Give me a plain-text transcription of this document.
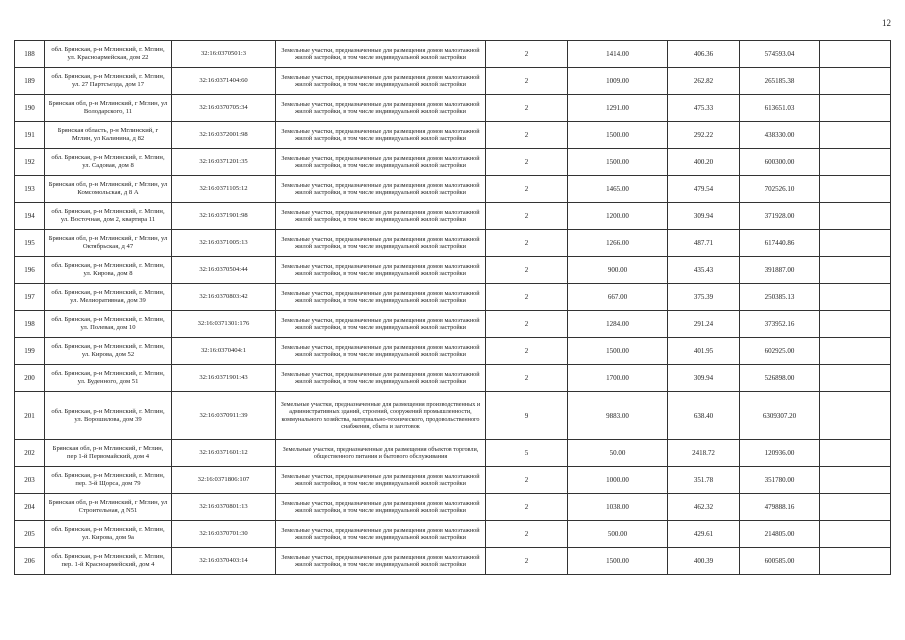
12
188	обл. Брянская, р-н Мглинский, г. Мглин, ул. Красноармейская, дом 22	32:16:0370501:3	Земельные участки, предназначенные для размещения домов малоэтажной жилой застройки, в том числе индивидуальной жилой застройки	2	1414.00	406.36	574593.04	
189	обл. Брянская, р-н Мглинский, г. Мглин, ул. 27 Партсъезда, дом 17	32:16:0371404:60	Земельные участки, предназначенные для размещения домов малоэтажной жилой застройки, в том числе индивидуальной жилой застройки	2	1009.00	262.82	265185.38	
190	Брянская обл, р-н Мглинский, г Мглин, ул Володарского, 11	32:16:0370705:34	Земельные участки, предназначенные для размещения домов малоэтажной жилой застройки, в том числе индивидуальной жилой застройки	2	1291.00	475.33	613651.03	
191	Брянская область, р-н Мглинский, г Мглин, ул Калинина, д 82	32:16:0372001:98	Земельные участки, предназначенные для размещения домов малоэтажной жилой застройки, в том числе индивидуальной жилой застройки	2	1500.00	292.22	438330.00	
192	обл. Брянская, р-н Мглинский, г. Мглин, ул. Садовая, дом 8	32:16:0371201:35	Земельные участки, предназначенные для размещения домов малоэтажной жилой застройки, в том числе индивидуальной жилой застройки	2	1500.00	400.20	600300.00	
193	Брянская обл, р-н Мглинский, г Мглин, ул Комсомольская, д 8 А	32:16:0371105:12	Земельные участки, предназначенные для размещения домов малоэтажной жилой застройки, в том числе индивидуальной жилой застройки	2	1465.00	479.54	702526.10	
194	обл. Брянская, р-н Мглинский, г. Мглин, ул. Восточная, дом 2, квартира 11	32:16:0371901:98	Земельные участки, предназначенные для размещения домов малоэтажной жилой застройки, в том числе индивидуальной жилой застройки	2	1200.00	309.94	371928.00	
195	Брянская обл, р-н Мглинский, г Мглин, ул Октябрьская, д 47	32:16:0371005:13	Земельные участки, предназначенные для размещения домов малоэтажной жилой застройки, в том числе индивидуальной жилой застройки	2	1266.00	487.71	617440.86	
196	обл. Брянская, р-н Мглинский, г. Мглин, ул. Кирова, дом 8	32:16:0370504:44	Земельные участки, предназначенные для размещения домов малоэтажной жилой застройки, в том числе индивидуальной жилой застройки	2	900.00	435.43	391887.00	
197	обл. Брянская, р-н Мглинский, г. Мглин, ул. Мелиоративная, дом 39	32:16:0370803:42	Земельные участки, предназначенные для размещения домов малоэтажной жилой застройки, в том числе индивидуальной жилой застройки	2	667.00	375.39	250385.13	
198	обл. Брянская, р-н Мглинский, г. Мглин, ул. Полевая, дом 10	32:16:0371301:176	Земельные участки, предназначенные для размещения домов малоэтажной жилой застройки, в том числе индивидуальной жилой застройки	2	1284.00	291.24	373952.16	
199	обл. Брянская, р-н Мглинский, г. Мглин, ул. Кирова, дом 52	32:16:0370404:1	Земельные участки, предназначенные для размещения домов малоэтажной жилой застройки, в том числе индивидуальной жилой застройки	2	1500.00	401.95	602925.00	
200	обл. Брянская, р-н Мглинский, г. Мглин, ул. Буденного, дом 51	32:16:0371901:43	Земельные участки, предназначенные для размещения домов малоэтажной жилой застройки, в том числе индивидуальной жилой застройки	2	1700.00	309.94	526898.00	
201	обл. Брянская, р-н Мглинский, г. Мглин, ул. Ворошилова, дом 39	32:16:0370911:39	Земельные участки, предназначенные для размещения производственных и административных зданий, строений, сооружений промышленности, коммунального хозяйства, материально-технического, продовольственного снабжения, сбыта и заготовок	9	9883.00	638.40	6309307.20	
202	Брянская обл, р-н Мглинский, г Мглин, пер 1-й Первомайский, дом 4	32:16:0371601:12	Земельные участки, предназначенные для размещения объектов торговли, общественного питания и бытового обслуживания	5	50.00	2418.72	120936.00	
203	обл. Брянская, р-н Мглинский, г. Мглин, пер. 3-й Щорса, дом 79	32:16:0371806:107	Земельные участки, предназначенные для размещения домов малоэтажной жилой застройки, в том числе индивидуальной жилой застройки	2	1000.00	351.78	351780.00	
204	Брянская обл, р-н Мглинский, г Мглин, ул Строительная, д N51	32:16:0370801:13	Земельные участки, предназначенные для размещения домов малоэтажной жилой застройки, в том числе индивидуальной жилой застройки	2	1038.00	462.32	479888.16	
205	обл. Брянская, р-н Мглинский, г. Мглин, ул. Кирова, дом 9а	32:16:0370701:30	Земельные участки, предназначенные для размещения домов малоэтажной жилой застройки, в том числе индивидуальной жилой застройки	2	500.00	429.61	214805.00	
206	обл. Брянская, р-н Мглинский, г. Мглин, пер. 1-й Красноармейский, дом 4	32:16:0370403:14	Земельные участки, предназначенные для размещения домов малоэтажной жилой застройки, в том числе индивидуальной жилой застройки	2	1500.00	400.39	600585.00	
